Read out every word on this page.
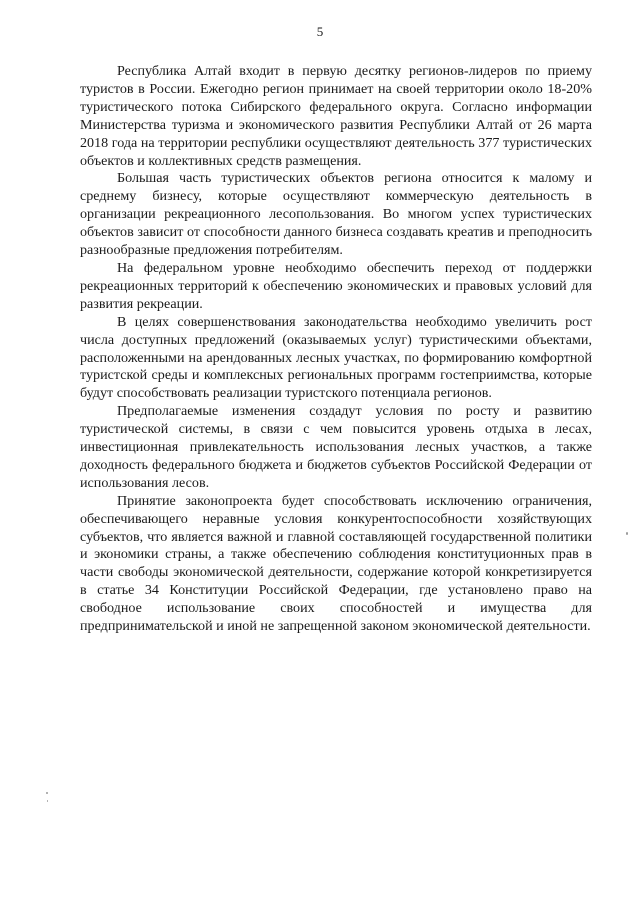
5

Республика Алтай входит в первую десятку регионов-лидеров по приему туристов в России. Ежегодно регион принимает на своей территории около 18-20% туристического потока Сибирского федерального округа. Согласно информации Министерства туризма и экономического развития Республики Алтай от 26 марта 2018 года на территории республики осуществляют деятельность 377 туристических объектов и коллективных средств размещения.

Большая часть туристических объектов региона относится к малому и среднему бизнесу, которые осуществляют коммерческую деятельность в организации рекреационного лесопользования. Во многом успех туристических объектов зависит от способности данного бизнеса создавать креатив и преподносить разнообразные предложения потребителям.

На федеральном уровне необходимо обеспечить переход от поддержки рекреационных территорий к обеспечению экономических и правовых условий для развития рекреации.

В целях совершенствования законодательства необходимо увеличить рост числа доступных предложений (оказываемых услуг) туристическими объектами, расположенными на арендованных лесных участках, по формированию комфортной туристской среды и комплексных региональных программ гостеприимства, которые будут способствовать реализации туристского потенциала регионов.

Предполагаемые изменения создадут условия по росту и развитию туристической системы, в связи с чем повысится уровень отдыха в лесах, инвестиционная привлекательность использования лесных участков, а также доходность федерального бюджета и бюджетов субъектов Российской Федерации от использования лесов.

Принятие законопроекта будет способствовать исключению ограничения, обеспечивающего неравные условия конкурентоспособности хозяйствующих субъектов, что является важной и главной составляющей государственной политики и экономики страны, а также обеспечению соблюдения конституционных прав в части свободы экономической деятельности, содержание которой конкретизируется в статье 34 Конституции Российской Федерации, где установлено право на свободное использование своих способностей и имущества для предпринимательской и иной не запрещенной законом экономической деятельности.
